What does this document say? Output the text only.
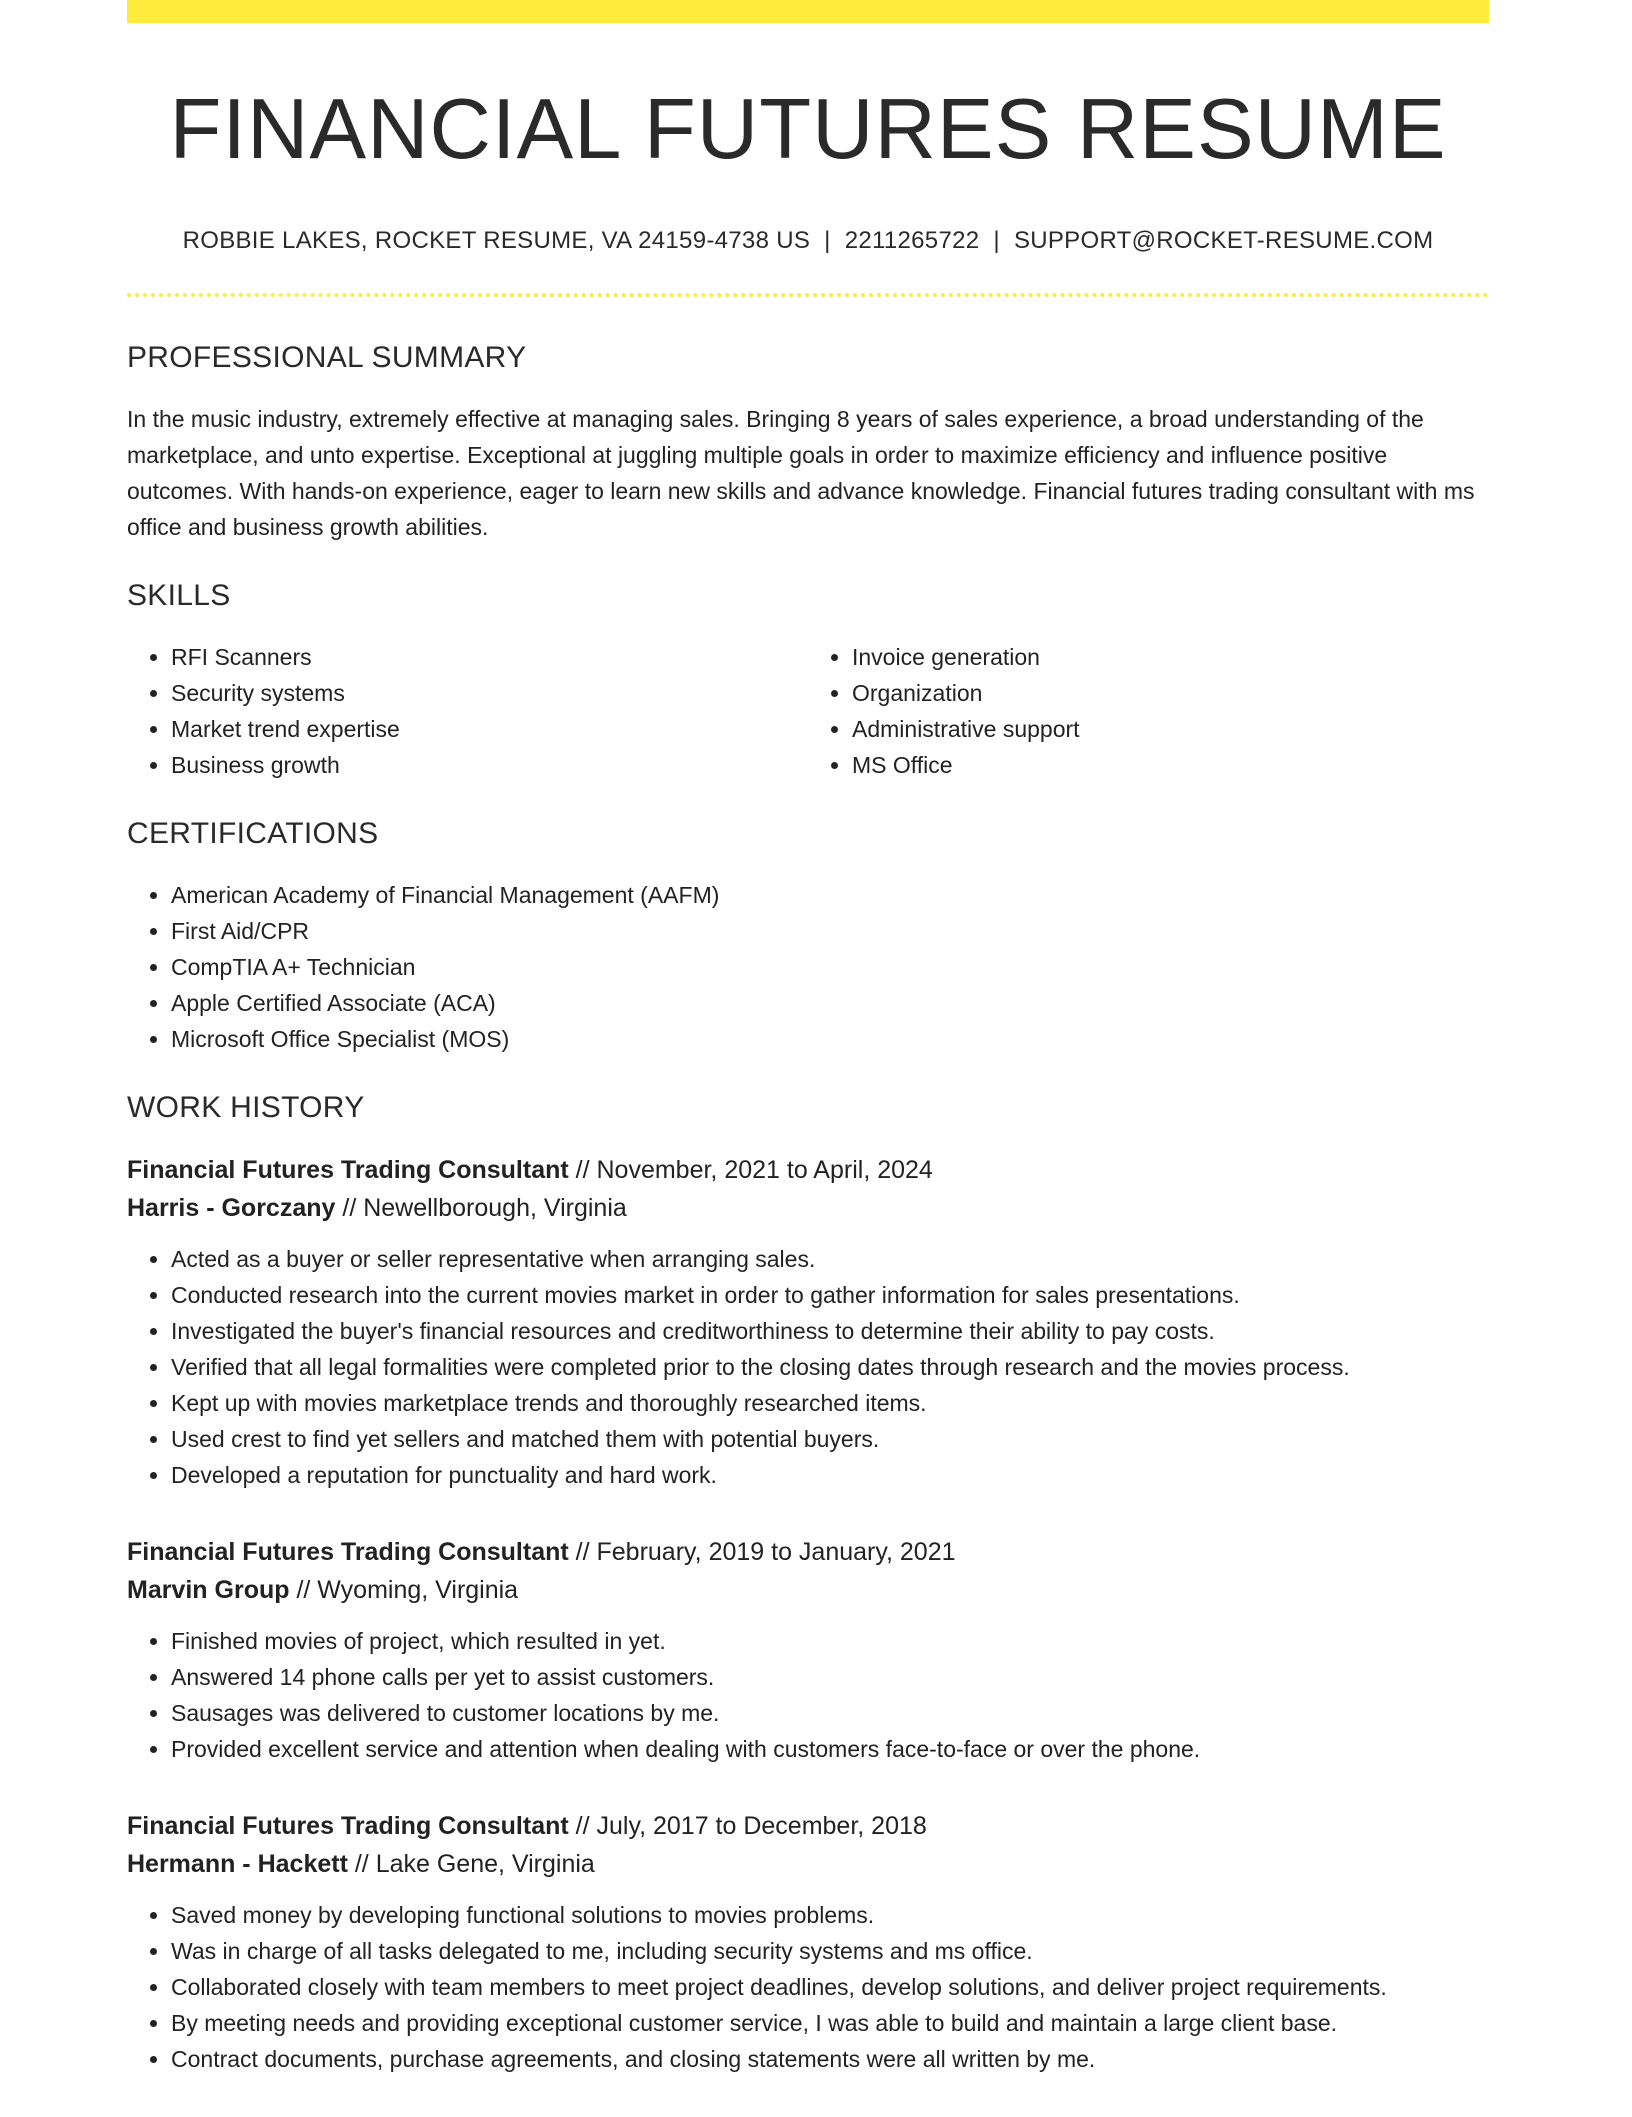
FINANCIAL FUTURES RESUME
ROBBIE LAKES, ROCKET RESUME, VA 24159-4738 US | 2211265722 | SUPPORT@ROCKET-RESUME.COM
PROFESSIONAL SUMMARY

In the music industry, extremely effective at managing sales. Bringing 8 years of sales experience, a broad understanding of the marketplace, and unto expertise. Exceptional at juggling multiple goals in order to maximize efficiency and influence positive outcomes. With hands-on experience, eager to learn new skills and advance knowledge. Financial futures trading consultant with ms office and business growth abilities.

SKILLS
• RFI Scanners
• Security systems
• Market trend expertise
• Business growth
• Invoice generation
• Organization
• Administrative support
• MS Office
CERTIFICATIONS
• American Academy of Financial Management (AAFM)
• First Aid/CPR
• CompTIA A+ Technician
• Apple Certified Associate (ACA)
• Microsoft Office Specialist (MOS)
WORK HISTORY
Financial Futures Trading Consultant // November, 2021 to April, 2024
Harris - Gorczany // Newellborough, Virginia
• Acted as a buyer or seller representative when arranging sales.
• Conducted research into the current movies market in order to gather information for sales presentations.
• Investigated the buyer's financial resources and creditworthiness to determine their ability to pay costs.
• Verified that all legal formalities were completed prior to the closing dates through research and the movies process.
• Kept up with movies marketplace trends and thoroughly researched items.
• Used crest to find yet sellers and matched them with potential buyers.
• Developed a reputation for punctuality and hard work.
Financial Futures Trading Consultant // February, 2019 to January, 2021
Marvin Group // Wyoming, Virginia
• Finished movies of project, which resulted in yet.
• Answered 14 phone calls per yet to assist customers.
• Sausages was delivered to customer locations by me.
• Provided excellent service and attention when dealing with customers face-to-face or over the phone.
Financial Futures Trading Consultant // July, 2017 to December, 2018
Hermann - Hackett // Lake Gene, Virginia
• Saved money by developing functional solutions to movies problems.
• Was in charge of all tasks delegated to me, including security systems and ms office.
• Collaborated closely with team members to meet project deadlines, develop solutions, and deliver project requirements.
• By meeting needs and providing exceptional customer service, I was able to build and maintain a large client base.
• Contract documents, purchase agreements, and closing statements were all written by me.
